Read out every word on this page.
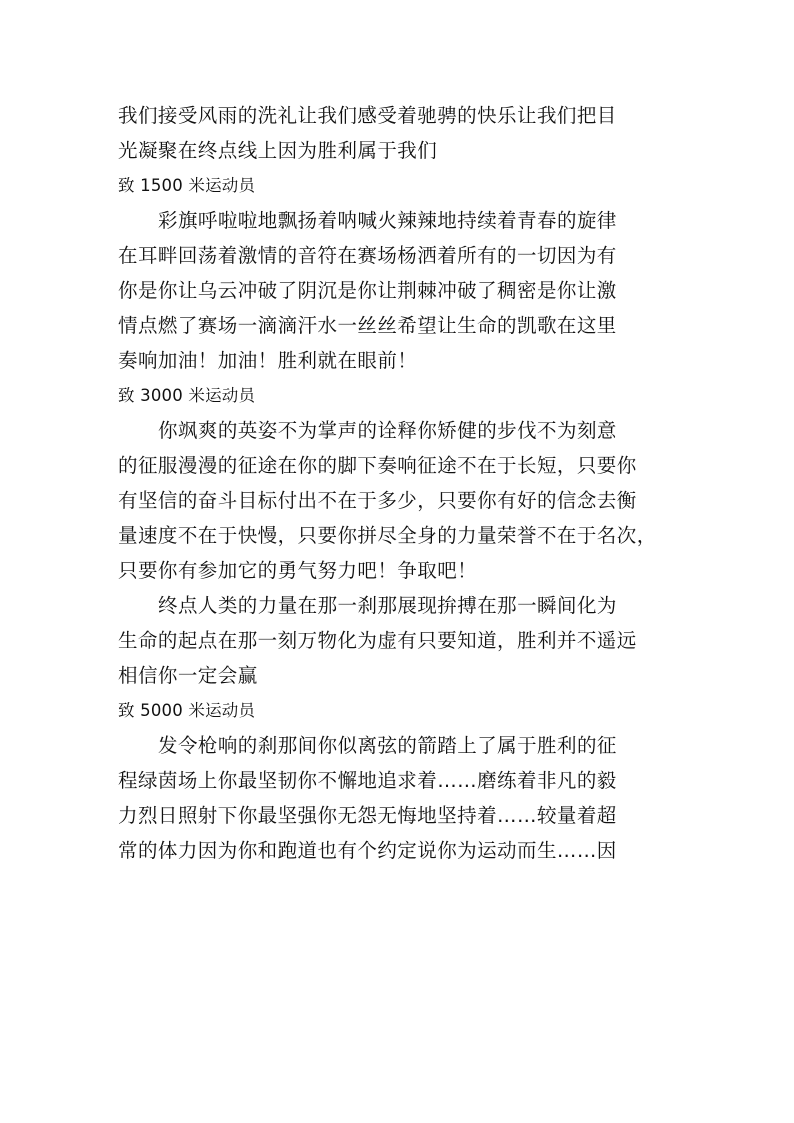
我们接受风雨的洗礼让我们感受着驰骋的快乐让我们把目
光凝聚在终点线上因为胜利属于我们
致 1500 米运动员
彩旗呼啦啦地飘扬着呐喊火辣辣地持续着青春的旋律
在耳畔回荡着激情的音符在赛场杨洒着所有的一切因为有
你是你让乌云冲破了阴沉是你让荆棘冲破了稠密是你让激
情点燃了赛场一滴滴汗水一丝丝希望让生命的凯歌在这里
奏响加油！加油！胜利就在眼前！
致 3000 米运动员
你飒爽的英姿不为掌声的诠释你矫健的步伐不为刻意
的征服漫漫的征途在你的脚下奏响征途不在于长短，只要你
有坚信的奋斗目标付出不在于多少，只要你有好的信念去衡
量速度不在于快慢，只要你拼尽全身的力量荣誉不在于名次，
只要你有参加它的勇气努力吧！争取吧！
终点人类的力量在那一刹那展现拚搏在那一瞬间化为
生命的起点在那一刻万物化为虚有只要知道，胜利并不遥远
相信你一定会赢
致 5000 米运动员
发令枪响的刹那间你似离弦的箭踏上了属于胜利的征
程绿茵场上你最坚韧你不懈地追求着……磨练着非凡的毅
力烈日照射下你最坚强你无怨无悔地坚持着……较量着超
常的体力因为你和跑道也有个约定说你为运动而生……因
